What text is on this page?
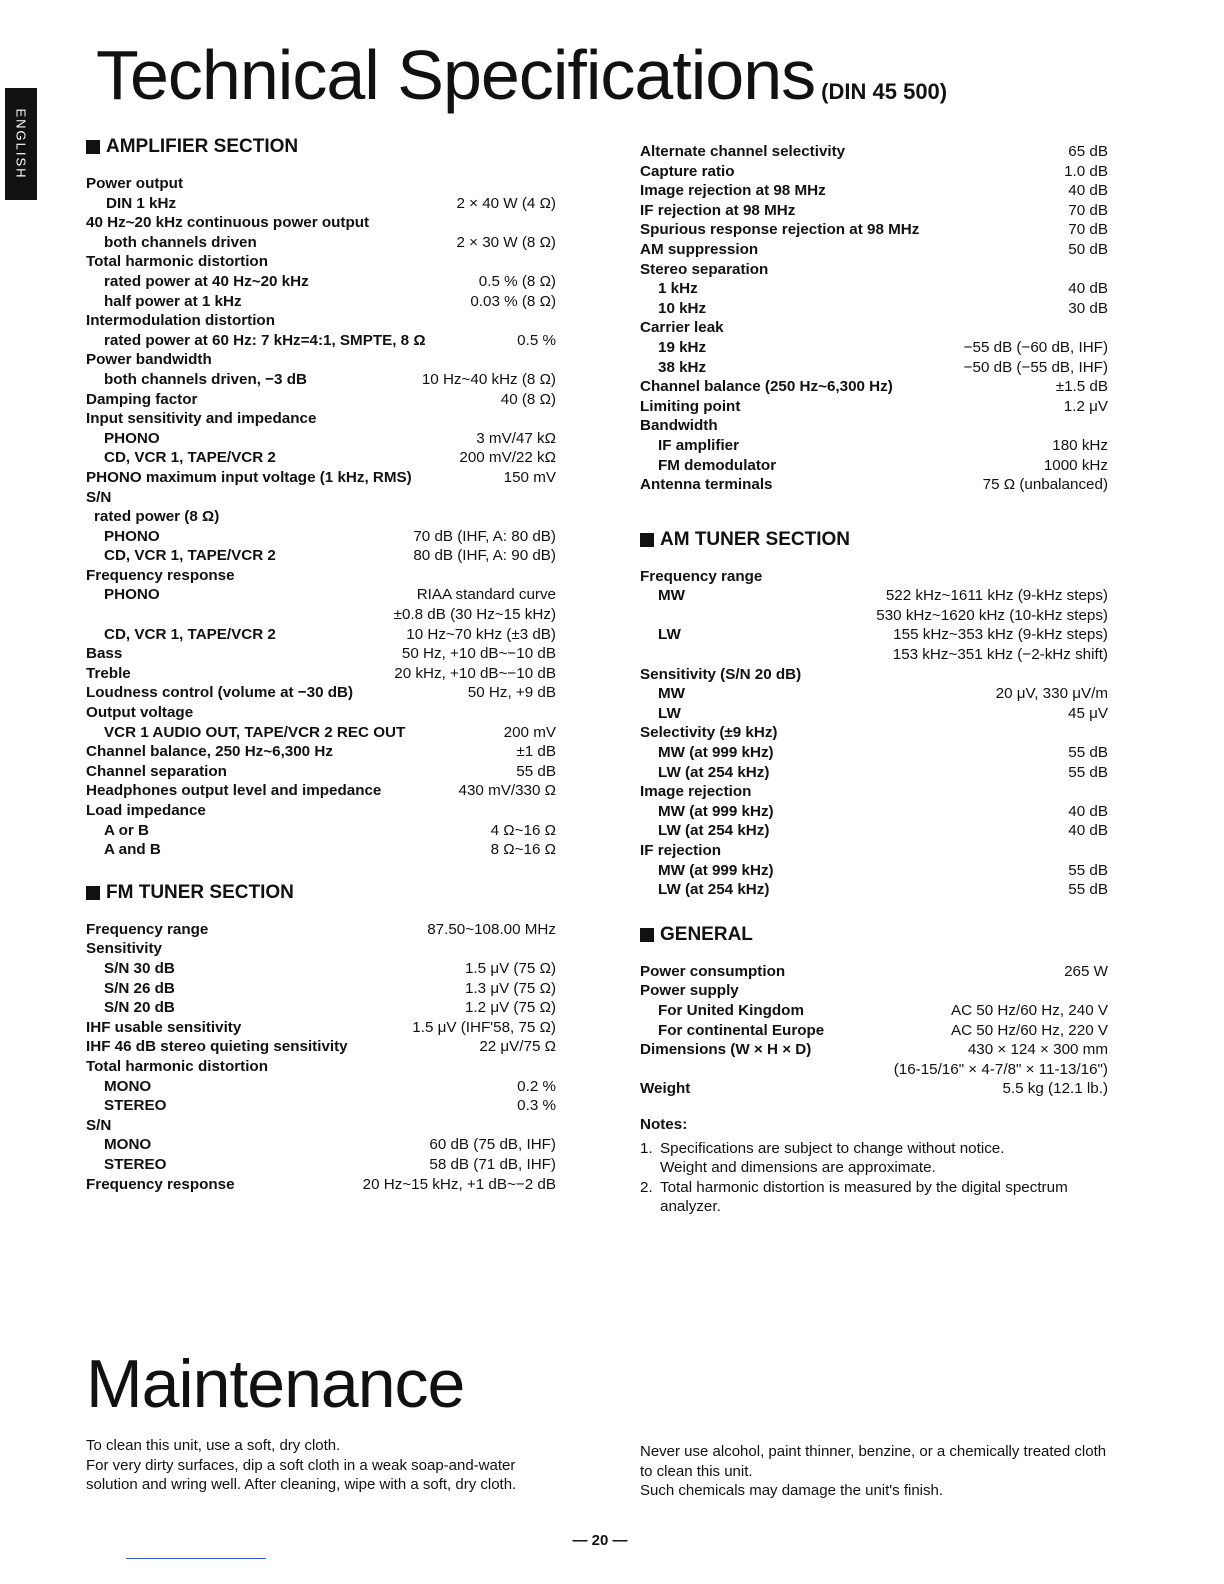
ENGLISH
Technical Specifications (DIN 45 500)
AMPLIFIER SECTION
Power output
DIN 1 kHz	2 × 40 W (4 Ω)
40 Hz~20 kHz continuous power output
both channels driven	2 × 30 W (8 Ω)
Total harmonic distortion
rated power at 40 Hz~20 kHz	0.5 % (8 Ω)
half power at 1 kHz	0.03 % (8 Ω)
Intermodulation distortion
rated power at 60 Hz: 7 kHz=4:1, SMPTE, 8 Ω	0.5 %
Power bandwidth
both channels driven, −3 dB	10 Hz~40 kHz (8 Ω)
Damping factor	40 (8 Ω)
Input sensitivity and impedance
PHONO	3 mV/47 kΩ
CD, VCR 1, TAPE/VCR 2	200 mV/22 kΩ
PHONO maximum input voltage (1 kHz, RMS)	150 mV
S/N
rated power (8 Ω)
PHONO	70 dB (IHF, A: 80 dB)
CD, VCR 1, TAPE/VCR 2	80 dB (IHF, A: 90 dB)
Frequency response
PHONO	RIAA standard curve
±0.8 dB (30 Hz~15 kHz)
CD, VCR 1, TAPE/VCR 2	10 Hz~70 kHz (±3 dB)
Bass	50 Hz, +10 dB~−10 dB
Treble	20 kHz, +10 dB~−10 dB
Loudness control (volume at −30 dB)	50 Hz, +9 dB
Output voltage
VCR 1 AUDIO OUT, TAPE/VCR 2 REC OUT	200 mV
Channel balance, 250 Hz~6,300 Hz	±1 dB
Channel separation	55 dB
Headphones output level and impedance	430 mV/330 Ω
Load impedance
A or B	4 Ω~16 Ω
A and B	8 Ω~16 Ω
FM TUNER SECTION
Frequency range	87.50~108.00 MHz
Sensitivity
S/N 30 dB	1.5 μV (75 Ω)
S/N 26 dB	1.3 μV (75 Ω)
S/N 20 dB	1.2 μV (75 Ω)
IHF usable sensitivity	1.5 μV (IHF'58, 75 Ω)
IHF 46 dB stereo quieting sensitivity	22 μV/75 Ω
Total harmonic distortion
MONO	0.2 %
STEREO	0.3 %
S/N
MONO	60 dB (75 dB, IHF)
STEREO	58 dB (71 dB, IHF)
Frequency response	20 Hz~15 kHz, +1 dB~−2 dB
Alternate channel selectivity	65 dB
Capture ratio	1.0 dB
Image rejection at 98 MHz	40 dB
IF rejection at 98 MHz	70 dB
Spurious response rejection at 98 MHz	70 dB
AM suppression	50 dB
Stereo separation
1 kHz	40 dB
10 kHz	30 dB
Carrier leak
19 kHz	−55 dB (−60 dB, IHF)
38 kHz	−50 dB (−55 dB, IHF)
Channel balance (250 Hz~6,300 Hz)	±1.5 dB
Limiting point	1.2 μV
Bandwidth
IF amplifier	180 kHz
FM demodulator	1000 kHz
Antenna terminals	75 Ω (unbalanced)
AM TUNER SECTION
Frequency range
MW	522 kHz~1611 kHz (9-kHz steps)
530 kHz~1620 kHz (10-kHz steps)
LW	155 kHz~353 kHz (9-kHz steps)
153 kHz~351 kHz (−2-kHz shift)
Sensitivity (S/N 20 dB)
MW	20 μV, 330 μV/m
LW	45 μV
Selectivity (±9 kHz)
MW (at 999 kHz)	55 dB
LW (at 254 kHz)	55 dB
Image rejection
MW (at 999 kHz)	40 dB
LW (at 254 kHz)	40 dB
IF rejection
MW (at 999 kHz)	55 dB
LW (at 254 kHz)	55 dB
GENERAL
Power consumption	265 W
Power supply
For United Kingdom	AC 50 Hz/60 Hz, 240 V
For continental Europe	AC 50 Hz/60 Hz, 220 V
Dimensions (W × H × D)	430 × 124 × 300 mm
(16-15/16" × 4-7/8" × 11-13/16")
Weight	5.5 kg (12.1 lb.)
Notes:
1. Specifications are subject to change without notice.
Weight and dimensions are approximate.
2. Total harmonic distortion is measured by the digital spectrum
analyzer.
Maintenance

To clean this unit, use a soft, dry cloth.

For very dirty surfaces, dip a soft cloth in a weak soap-and-water solution and wring well. After cleaning, wipe with a soft, dry cloth.

Never use alcohol, paint thinner, benzine, or a chemically treated cloth to clean this unit.

Such chemicals may damage the unit's finish.

— 20 —
